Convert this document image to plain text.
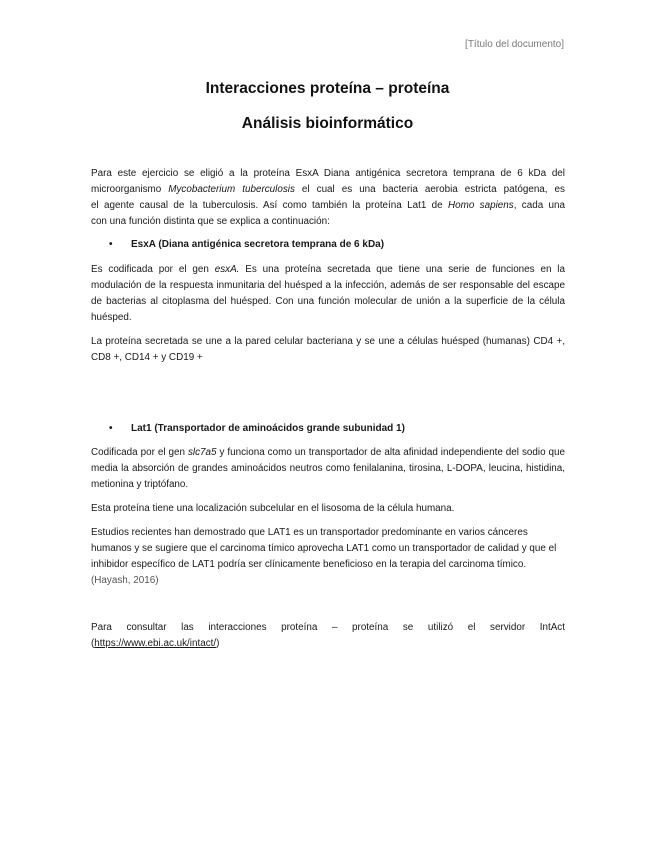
[Título del documento]
Interacciones proteína – proteína
Análisis bioinformático

Para este ejercicio se eligió a la proteína EsxA Diana antigénica secretora temprana de 6 kDa del

microorganismo Mycobacterium tuberculosis el cual es una bacteria aerobia estricta patógena, es

el agente causal de la tuberculosis. Así como también la proteína Lat1 de Homo sapiens, cada una

con una función distinta que se explica a continuación:

• EsxA (Diana antigénica secretora temprana de 6 kDa)

Es codificada por el gen esxA. Es una proteína secretada que tiene una serie de funciones en la modulación de la respuesta inmunitaria del huésped a la infección, además de ser responsable del escape de bacterias al citoplasma del huésped. Con una función molecular de unión a la superficie de la célula huésped.

La proteína secretada se une a la pared celular bacteriana y se une a células huésped (humanas) CD4 +, CD8 +, CD14 + y CD19 +

• Lat1 (Transportador de aminoácidos grande subunidad 1)

Codificada por el gen slc7a5 y funciona como un transportador de alta afinidad independiente del sodio que media la absorción de grandes aminoácidos neutros como fenilalanina, tirosina, L-DOPA, leucina, histidina, metionina y triptófano.

Esta proteína tiene una localización subcelular en el lisosoma de la célula humana.

Estudios recientes han demostrado que LAT1 es un transportador predominante en varios cánceres humanos y se sugiere que el carcinoma tímico aprovecha LAT1 como un transportador de calidad y que el inhibidor específico de LAT1 podría ser clínicamente beneficioso en la terapia del carcinoma tímico. (Hayash, 2016)

Para consultar las interacciones proteína – proteína se utilizó el servidor IntAct

(https://www.ebi.ac.uk/intact/)
